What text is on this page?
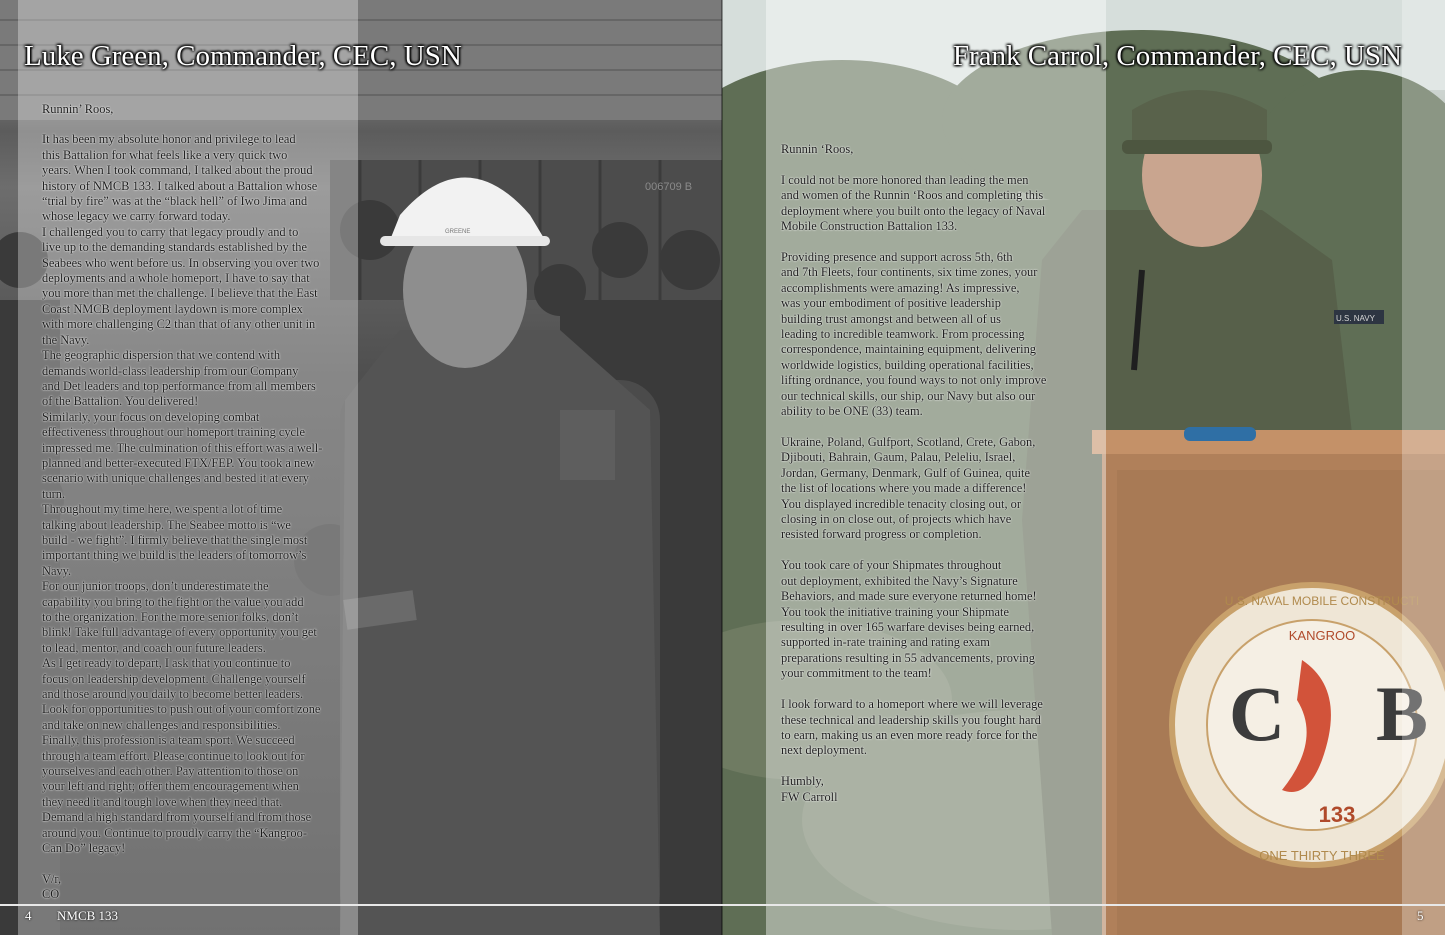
006709 B
GREENE
U.S. NAVY
KANGROO
C B
133
ONE THIRTY THREE
U.S. NAVAL MOBILE CONSTRUCTI
Luke Green, Commander, CEC, USN	Frank Carrol, Commander, CEC, USN

Runnin’ Roos,

It has been my absolute honor and privilege to lead
this Battalion for what feels like a very quick two
years. When I took command, I talked about the proud
history of NMCB 133. I talked about a Battalion whose
“trial by fire” was at the “black hell” of Iwo Jima and
whose legacy we carry forward today.
I challenged you to carry that legacy proudly and to
live up to the demanding standards established by the
Seabees who went before us. In observing you over two
deployments and a whole homeport, I have to say that
you more than met the challenge. I believe that the East
Coast NMCB deployment laydown is more complex
with more challenging C2 than that of any other unit in
the Navy.
The geographic dispersion that we contend with
demands world-class leadership from our Company
and Det leaders and top performance from all members
of the Battalion. You delivered!
Similarly, your focus on developing combat
effectiveness throughout our homeport training cycle
impressed me. The culmination of this effort was a well-
planned and better-executed FTX/FEP. You took a new
scenario with unique challenges and bested it at every
turn.
Throughout my time here, we spent a lot of time
talking about leadership. The Seabee motto is “we
build - we fight”. I firmly believe that the single most
important thing we build is the leaders of tomorrow’s
Navy.
For our junior troops, don’t underestimate the
capability you bring to the fight or the value you add
to the organization. For the more senior folks, don’t
blink! Take full advantage of every opportunity you get
to lead, mentor, and coach our future leaders.
As I get ready to depart, I ask that you continue to
focus on leadership development. Challenge yourself
and those around you daily to become better leaders.
Look for opportunities to push out of your comfort zone
and take on new challenges and responsibilities.
Finally, this profession is a team sport. We succeed
through a team effort. Please continue to look out for
yourselves and each other. Pay attention to those on
your left and right; offer them encouragement when
they need it and tough love when they need that.
Demand a high standard from yourself and from those
around you. Continue to proudly carry the “Kangroo-
Can Do” legacy!

V/r,

CO

Runnin ‘Roos,

I could not be more honored than leading the men
and women of the Runnin ‘Roos and completing this
deployment where you built onto the legacy of Naval
Mobile Construction Battalion 133.

Providing presence and support across 5th, 6th
and 7th Fleets, four continents, six time zones, your
accomplishments were amazing! As impressive,
was your embodiment of positive leadership
building trust amongst and between all of us
leading to incredible teamwork. From processing
correspondence, maintaining equipment, delivering
worldwide logistics, building operational facilities,
lifting ordnance, you found ways to not only improve
our technical skills, our ship, our Navy but also our
ability to be ONE (33) team.

Ukraine, Poland, Gulfport, Scotland, Crete, Gabon,
Djibouti, Bahrain, Gaum, Palau, Peleliu, Israel,
Jordan, Germany, Denmark, Gulf of Guinea, quite
the list of locations where you made a difference!
You displayed incredible tenacity closing out, or
closing in on close out, of projects which have
resisted forward progress or completion.

You took care of your Shipmates throughout
out deployment, exhibited the Navy’s Signature
Behaviors, and made sure everyone returned home!
You took the initiative training your Shipmate
resulting in over 165 warfare devises being earned,
supported in-rate training and rating exam
preparations resulting in 55 advancements, proving
your commitment to the team!

I look forward to a homeport where we will leverage
these technical and leadership skills you fought hard
to earn, making us an even more ready force for the
next deployment.

Humbly,

FW Carroll

4 NMCB 133	5
